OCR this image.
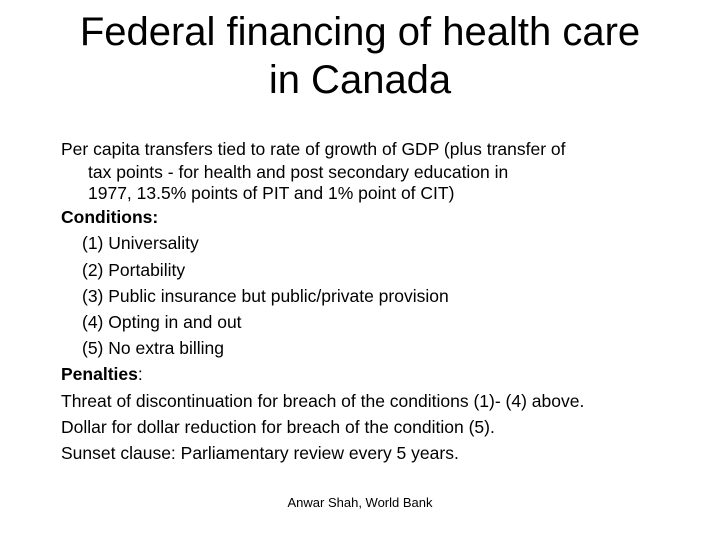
Federal financing of health care
in Canada
Per capita transfers tied to rate of growth of GDP (plus transfer of
tax points - for health and post secondary education in
1977, 13.5% points of PIT and 1% point of CIT)
Conditions:
(1) Universality
(2) Portability
(3) Public insurance but public/private provision
(4) Opting in and out
(5) No extra billing
Penalties:
Threat of discontinuation for breach of the conditions (1)- (4) above.
Dollar for dollar reduction for breach of the condition (5).
Sunset clause: Parliamentary review every 5 years.
Anwar Shah, World Bank
